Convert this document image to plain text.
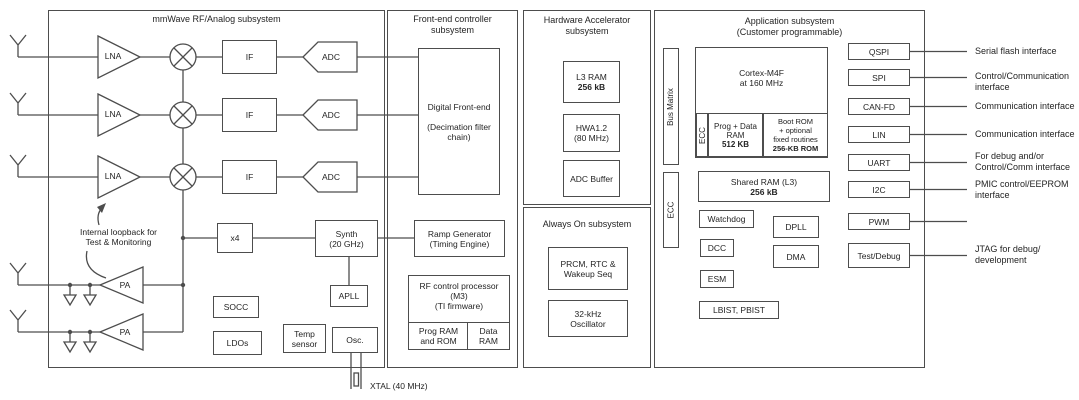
mmWave RF/Analog subsystem	Front-end controller
subsystem
Hardware Accelerator
subsystem
Always On subsystem
Application subsystem
(Customer programmable)
LNA
LNA
LNA
ADC
ADC
ADC
PA
PA
IF
IF
IF
x4	Synth
(20 GHz)
APLL
SOCC
LDOs
Temp
sensor	Osc.
Internal loopback for
Test & Monitoring
XTAL (40 MHz)
Digital Front-end
(Decimation filter
chain)
Ramp Generator
(Timing Engine)
RF control processor
(M3)
(TI firmware)
Prog RAM
and ROM
Data
RAM
L3 RAM
256 kB
HWA1.2
(80 MHz)
ADC Buffer
PRCM, RTC &
Wakeup Seq
32-kHz
Oscillator
Bus Matrix
ECC
Cortex-M4F
at 160 MHz
ECC
Prog + Data
RAM
512 KB
Boot ROM
+ optional
fixed routines
256-KB ROM
Shared RAM (L3)
256 kB
Watchdog
DPLL
DCC
DMA
ESM
LBIST, PBIST
QSPI
SPI
CAN-FD
LIN
UART
I2C
PWM
Test/Debug
Serial flash interface
Control/Communication
interface
Communication interface
Communication interface
For debug and/or
Control/Comm interface
PMIC control/EEPROM
interface
JTAG for debug/
development
